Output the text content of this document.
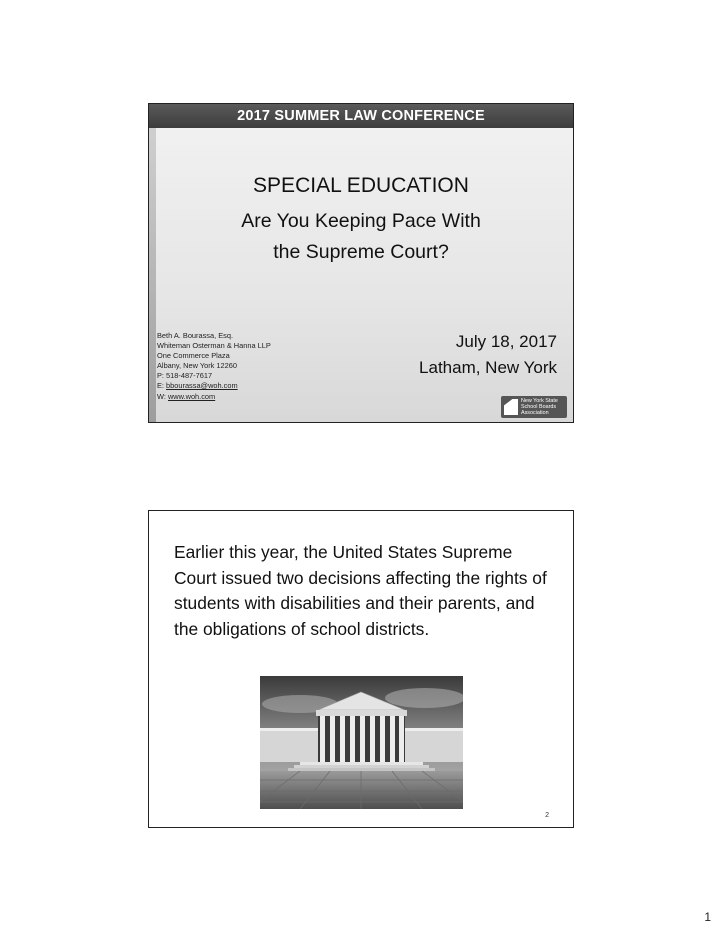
2017 SUMMER LAW CONFERENCE
SPECIAL EDUCATION
Are You Keeping Pace With
the Supreme Court?
Beth A. Bourassa, Esq.
Whiteman Osterman & Hanna LLP
One Commerce Plaza
Albany, New York 12260
P: 518-487-7617
E: bbourassa@woh.com
W: www.woh.com
July 18, 2017
Latham, New York
New York State
School Boards
Association
Earlier this year, the United States Supreme Court issued two decisions affecting the rights of students with disabilities and their parents, and the obligations of school districts.
2
1
